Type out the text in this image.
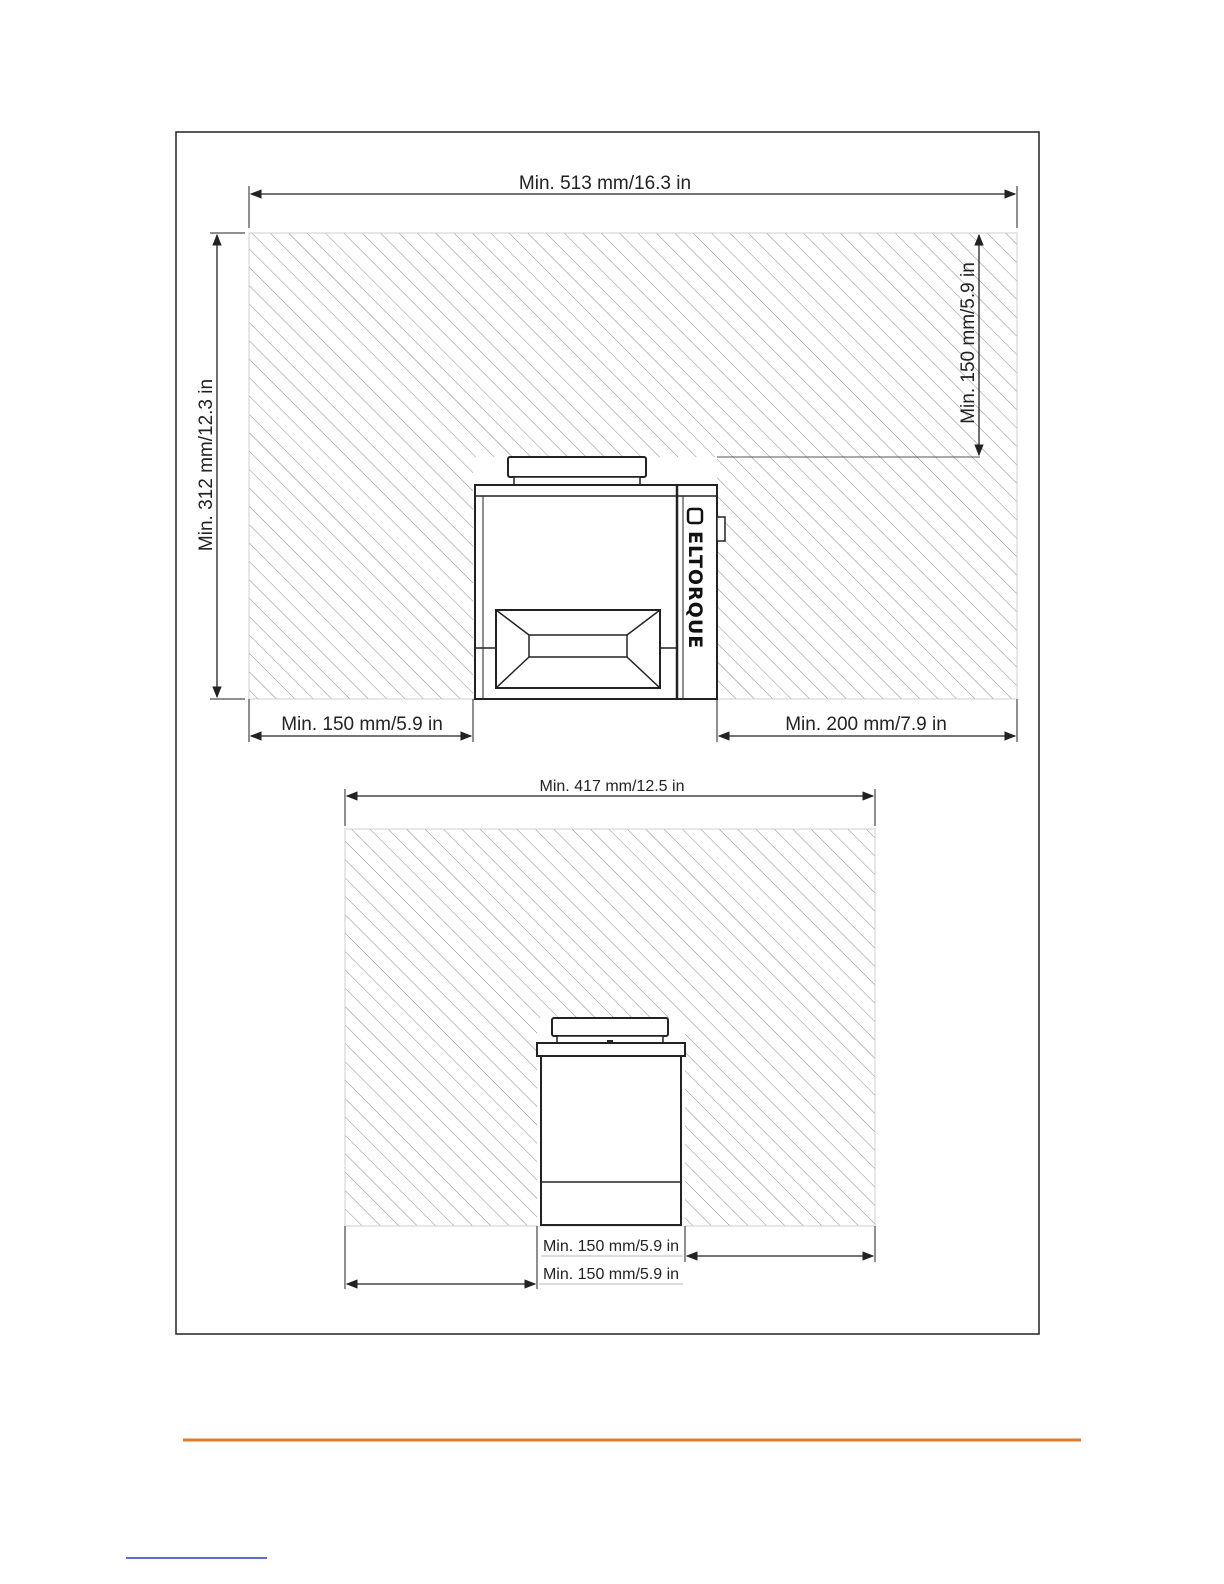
Min. 513 mm/16.3 in
Min. 312 mm/12.3 in
Min. 150 mm/5.9 in
Min. 150 mm/5.9 in	Min. 200 mm/7.9 in
ELTORQUE
Min. 417 mm/12.5 in
Min. 150 mm/5.9 in
Min. 150 mm/5.9 in
